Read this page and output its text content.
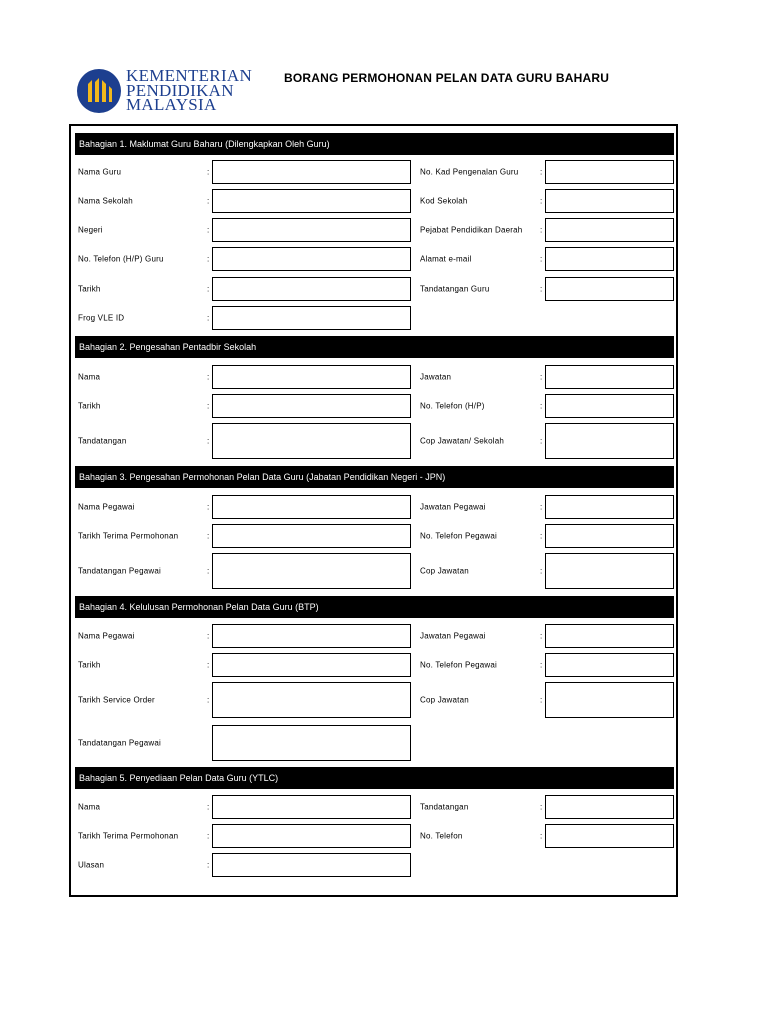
KEMENTERIAN
PENDIDIKAN
MALAYSIA
BORANG PERMOHONAN PELAN DATA GURU BAHARU
Bahagian 1. Maklumat Guru Baharu (Dilengkapkan Oleh Guru)
Nama Guru	:	No. Kad Pengenalan Guru	:
Nama Sekolah	:	Kod Sekolah	:
Negeri	:	Pejabat Pendidikan Daerah :
No. Telefon (H/P) Guru	:	Alamat e-mail	:
Tarikh	:	Tandatangan Guru	:
Frog VLE ID	:
Bahagian 2. Pengesahan Pentadbir Sekolah
Nama	:	Jawatan	:
Tarikh	:	No. Telefon (H/P)	:
Tandatangan	:	Cop Jawatan/ Sekolah	:
Bahagian 3. Pengesahan Permohonan Pelan Data Guru (Jabatan Pendidikan Negeri - JPN)
Nama Pegawai	:	Jawatan Pegawai	:
Tarikh Terima Permohonan	:	No. Telefon Pegawai	:
Tandatangan Pegawai	:	Cop Jawatan	:
Bahagian 4. Kelulusan Permohonan Pelan Data Guru (BTP)
Nama Pegawai	:	Jawatan Pegawai	:
Tarikh	:	No. Telefon Pegawai	:
Tarikh Service Order	:	Cop Jawatan	:
Tandatangan Pegawai
Bahagian 5. Penyediaan Pelan Data Guru (YTLC)
Nama	:	Tandatangan	:
Tarikh Terima Permohonan	:	No. Telefon	:
Ulasan	:
